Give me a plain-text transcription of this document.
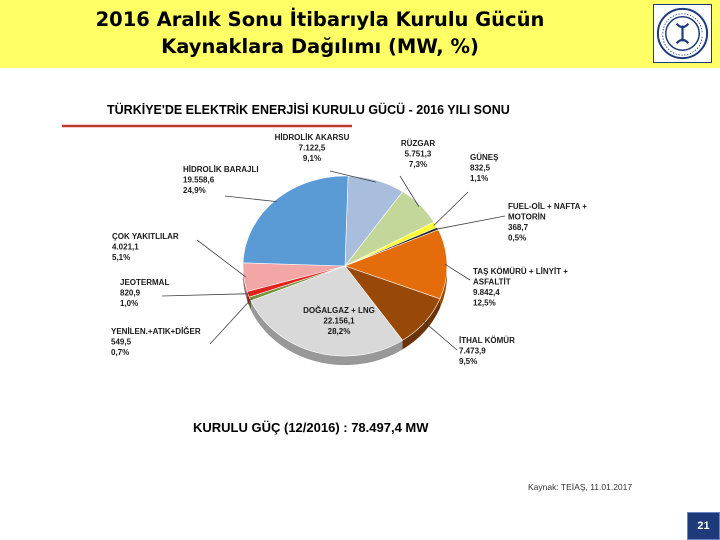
2016 Aralık Sonu İtibarıyla Kurulu Gücün
Kaynaklara Dağılımı (MW, %)
TÜRKİYE'DE ELEKTRİK ENERJİSİ KURULU GÜCÜ - 2016 YILI SONU
HİDROLİK AKARSU 7.122,5 9,1%
RÜZGAR 5.751,3 7,3%
GÜNEŞ 832,5 1,1%
FUEL-OİL + NAFTA + MOTORİN 368,7 0,5%
TAŞ KÖMÜRÜ + LİNYİT + ASFALTİT 9.842,4 12,5%
İTHAL KÖMÜR 7.473,9 9,5%
DOĞALGAZ + LNG 22.156,1 28,2%
YENİLEN.+ATIK+DİĞER 549,5 0,7%
JEOTERMAL 820,9 1,0%
ÇOK YAKITLILAR 4.021,1 5,1%
HİDROLİK BARAJLI 19.558,6 24,9%
KURULU GÜÇ (12/2016) : 78.497,4 MW
Kaynak: TEİAŞ, 11.01.2017
21
